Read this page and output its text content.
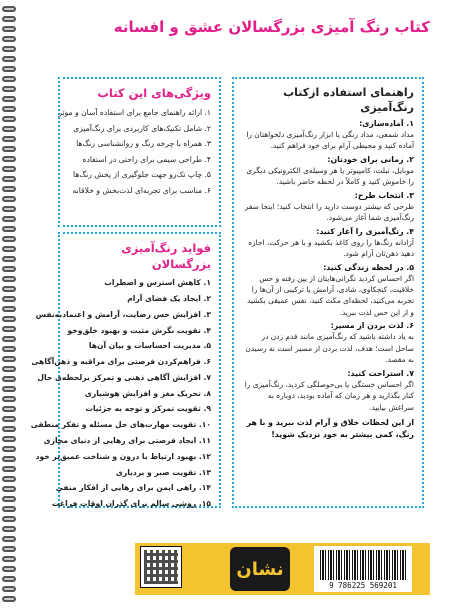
کتاب رنگ آمیزی بزرگسالان عشق و افسانه
ویژگی‌های این کتاب

۱. ارائه راهنمای جامع برای استفاده آسان و موثر

۲. شامل تکنیک‌های کاربردی برای رنگ‌آمیزی

۳. همراه با چرخه رنگ و روانشناسی رنگ‌ها

۴. طراحی سیمی برای راحتی در استفاده

۵. چاپ تک‌رو جهت جلوگیری از پخش رنگ‌ها

۶. مناسب برای تجربه‌ای لذت‌بخش و خلاقانه

فواید رنگ‌آمیزی بزرگسالان

۱. کاهش استرس و اضطراب

۲. ایجاد یک فضای آرام

۳. افزایش حس رضایت، آرامش و اعتماد‌به‌نفس

۴. تقویت نگرش مثبت و بهبود خلق‌وخو

۵. مدیریت احساسات و بیان آن‌ها

۶. فراهم‌کردن فرصتی برای مراقبه و ذهن‌آگاهی

۷. افزایش آگاهی ذهنی و تمرکز برلحظه‌ی حال

۸. تحریک مغز و افزایش هوشیاری

۹. تقویت تمرکز و توجه به جزئیات

۱۰. تقویت مهارت‌های حل مسئله و تفکر منطقی

۱۱. ایجاد فرصتی برای رهایی از دنیای مجازی

۱۲. بهبود ارتباط با درون و شناخت عمیق‌تر خود

۱۳. تقویت صبر و بردباری

۱۴. راهی ایمن برای رهایی از افکار منفی

۱۵. روشی سالم برای گذران اوقات فراغت

راهنمای استفاده ازکتاب رنگ‌آمیزی
۱. آماده‌سازی:

مداد شمعی، مداد رنگی یا ابزار رنگ‌آمیزی دلخواهتان را آماده کنید و محیطی آرام برای خود فراهم کنید.

۲. زمانی برای خودتان:

موبایل، تبلت، کامپیوتر یا هر وسیله‌ی الکترونیکی دیگری را خاموش کنید و کاملاً در لحظه حاضر باشید.

۳. انتخاب طرح:

طرحی که بیشتر دوست دارید را انتخاب کنید؛ اینجا سفر رنگ‌آمیزی شما آغاز می‌شود.

۴. رنگ‌آمیزی را آغاز کنید:

آزادانه رنگ‌ها را روی کاغذ بکشید و با هر حرکت، اجازه دهید ذهن‌تان آرام شود.

۵. در لحظه زندگی کنید:

اگر احساس کردید نگرانی‌هایتان از بین رفته و حس خلاقیت، کنجکاوی، شادی، آرامش یا ترکیبی از آن‌ها را تجربه می‌کنید، لحظه‌ای مکث کنید، نفس عمیقی بکشید و از این حس لذت ببرید.

۶. لذت بردن از مسیر:

به یاد داشته باشید که رنگ‌آمیزی مانند قدم زدن در ساحل است؛ هدف، لذت بردن از مسیر است نه رسیدن به مقصد.

۷. استراحت کنید:

اگر احساس خستگی یا بی‌حوصلگی کردید، رنگ‌آمیزی را کنار بگذارید و هر زمان که آماده بودید، دوباره به سراغش بیایید.

از این لحظات خلاق و آرام لذت ببرید و با هر رنگ، کمی بیشتر به خود نزدیک شوید!
نشان
9 786225 569201
